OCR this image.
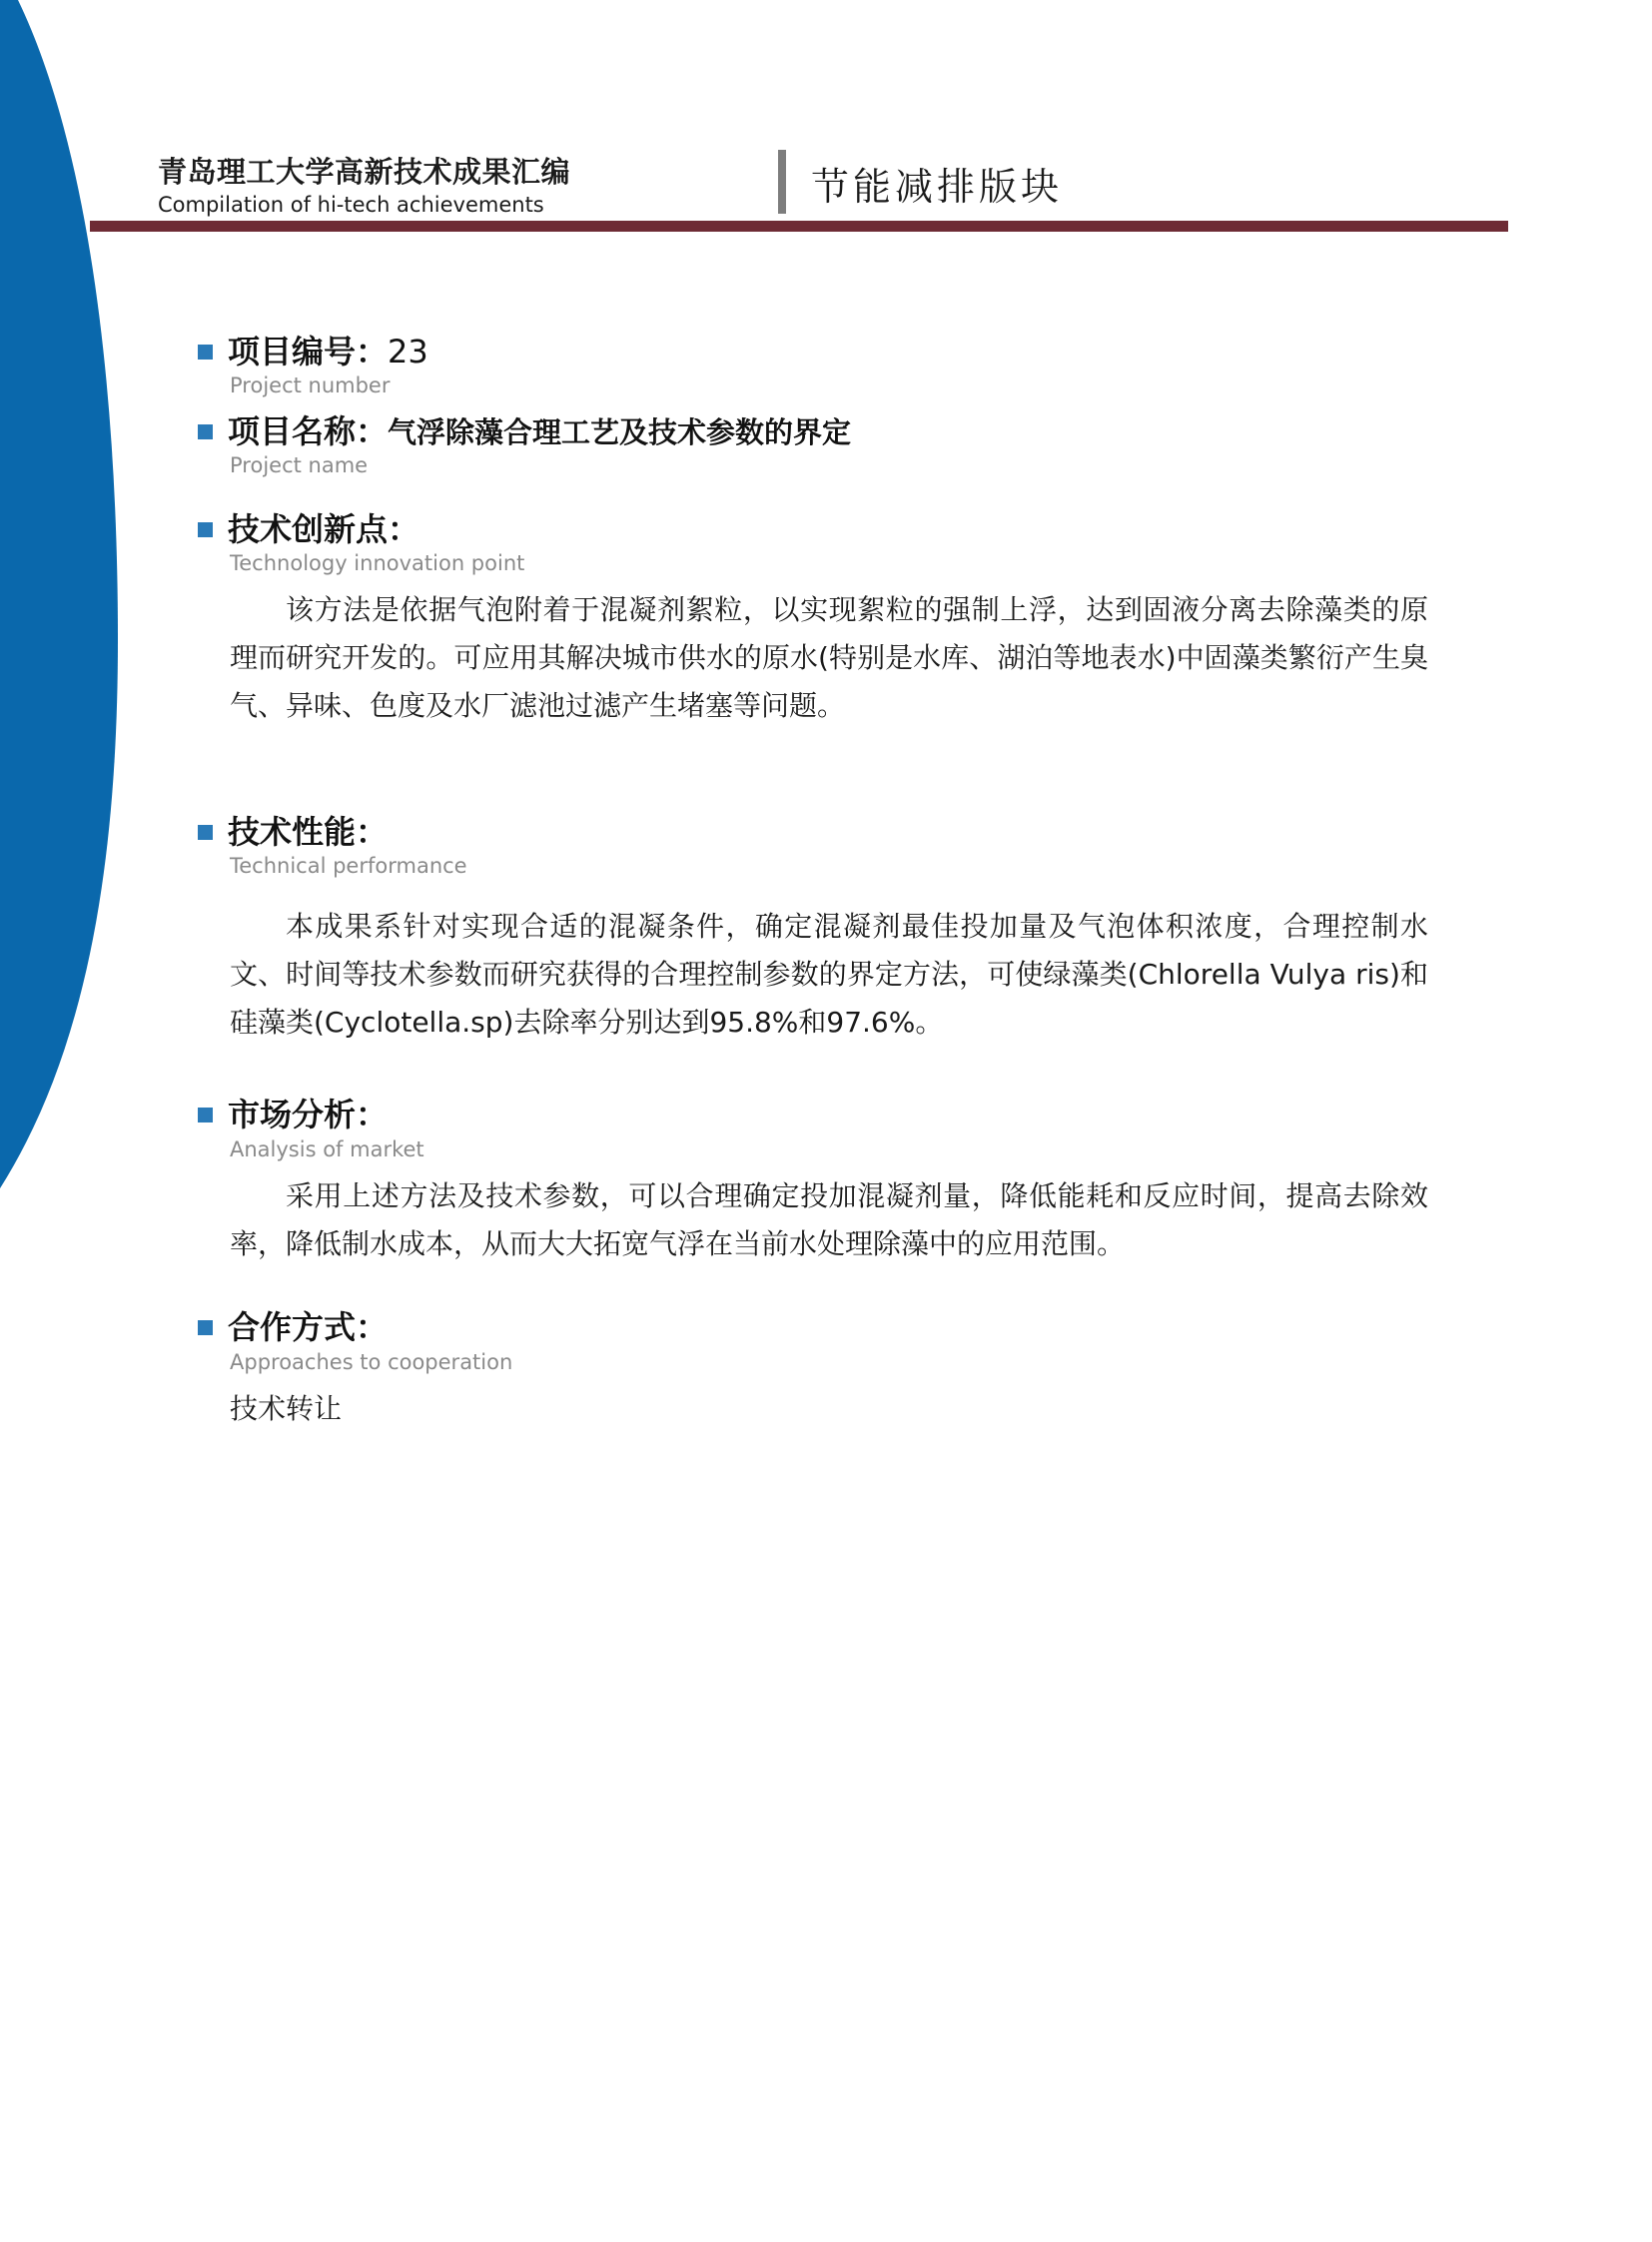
青岛理工大学高新技术成果汇编
Compilation of hi-tech achievements	节能减排版块
项目编号：23
Project number
项目名称：气浮除藻合理工艺及技术参数的界定
Project name
技术创新点：
Technology innovation point
该方法是依据气泡附着于混凝剂絮粒，以实现絮粒的强制上浮，达到固液分离去除藻类的原理而研究开发的。可应用其解决城市供水的原水(特别是水库、湖泊等地表水)中固藻类繁衍产生臭气、异味、色度及水厂滤池过滤产生堵塞等问题。
技术性能：
Technical performance
本成果系针对实现合适的混凝条件，确定混凝剂最佳投加量及气泡体积浓度，合理控制水文、时间等技术参数而研究获得的合理控制参数的界定方法，可使绿藻类(Chlorella Vulya ris)和硅藻类(Cyclotella.sp)去除率分别达到95.8%和97.6%。
市场分析：
Analysis of market
采用上述方法及技术参数，可以合理确定投加混凝剂量，降低能耗和反应时间，提高去除效率，降低制水成本，从而大大拓宽气浮在当前水处理除藻中的应用范围。
合作方式：
Approaches to cooperation
技术转让
